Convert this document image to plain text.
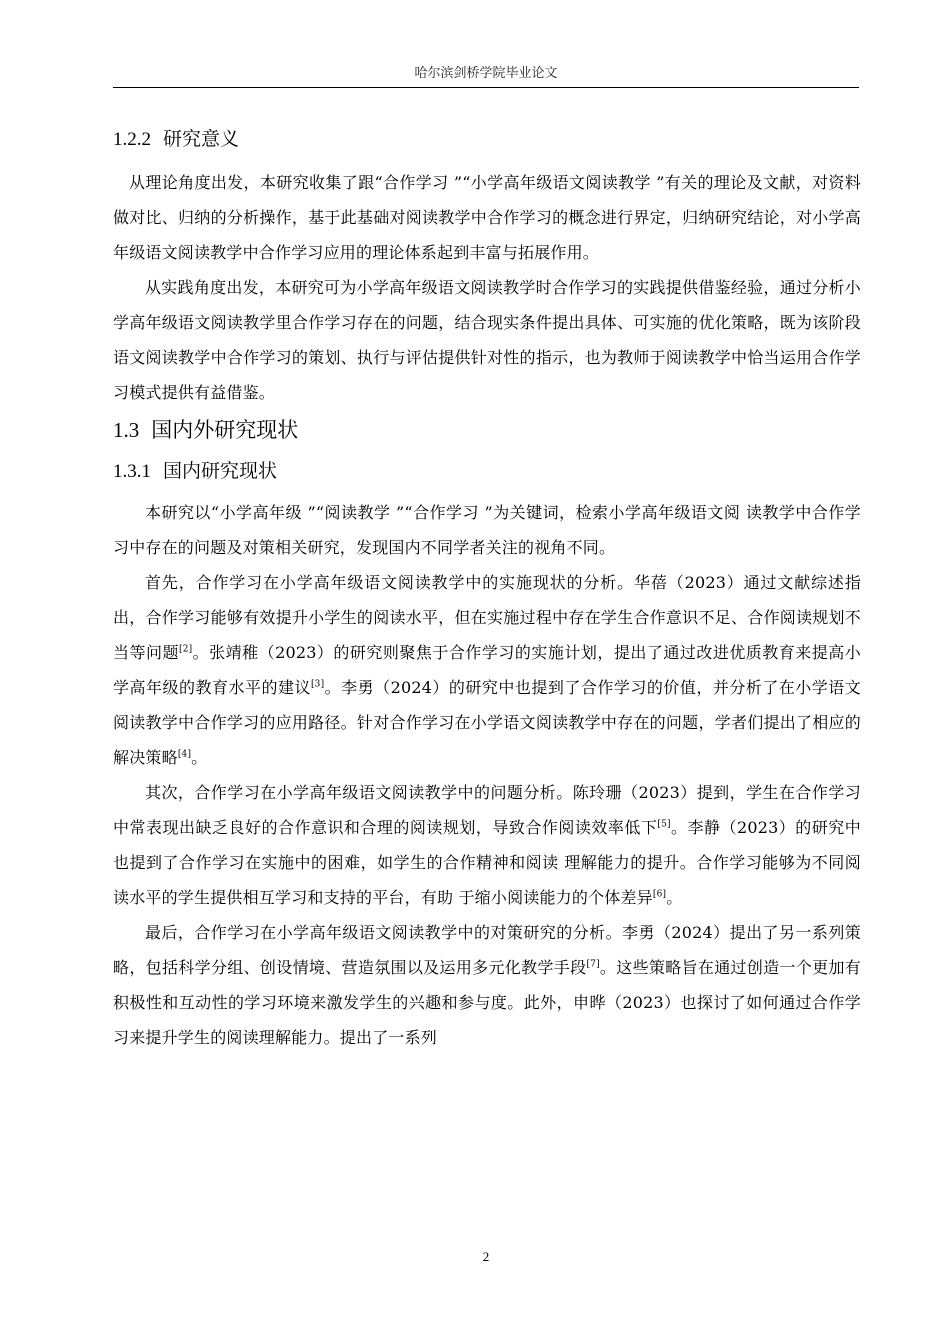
哈尔滨剑桥学院毕业论文
1.2.2 研究意义

从理论角度出发，本研究收集了跟“合作学习 ”“小学高年级语文阅读教学 ”有关的理论及文献，对资料做对比、归纳的分析操作，基于此基础对阅读教学中合作学习的概念进行界定，归纳研究结论，对小学高年级语文阅读教学中合作学习应用的理论体系起到丰富与拓展作用。

从实践角度出发，本研究可为小学高年级语文阅读教学时合作学习的实践提供借鉴经验，通过分析小学高年级语文阅读教学里合作学习存在的问题，结合现实条件提出具体、可实施的优化策略，既为该阶段语文阅读教学中合作学习的策划、执行与评估提供针对性的指示，也为教师于阅读教学中恰当运用合作学习模式提供有益借鉴。

1.3 国内外研究现状
1.3.1 国内研究现状

本研究以“小学高年级 ”“阅读教学 ”“合作学习 ”为关键词，检索小学高年级语文阅 读教学中合作学习中存在的问题及对策相关研究，发现国内不同学者关注的视角不同。

首先，合作学习在小学高年级语文阅读教学中的实施现状的分析。华蓓（2023）通过文献综述指出，合作学习能够有效提升小学生的阅读水平，但在实施过程中存在学生合作意识不足、合作阅读规划不当等问题[2]。张靖稚（2023）的研究则聚焦于合作学习的实施计划，提出了通过改进优质教育来提高小学高年级的教育水平的建议[3]。李勇（2024）的研究中也提到了合作学习的价值，并分析了在小学语文阅读教学中合作学习的应用路径。针对合作学习在小学语文阅读教学中存在的问题，学者们提出了相应的解决策略[4]。

其次，合作学习在小学高年级语文阅读教学中的问题分析。陈玲珊（2023）提到，学生在合作学习中常表现出缺乏良好的合作意识和合理的阅读规划，导致合作阅读效率低下[5]。李静（2023）的研究中也提到了合作学习在实施中的困难，如学生的合作精神和阅读 理解能力的提升。合作学习能够为不同阅读水平的学生提供相互学习和支持的平台，有助 于缩小阅读能力的个体差异[6]。

最后，合作学习在小学高年级语文阅读教学中的对策研究的分析。李勇（2024）提出了另一系列策略，包括科学分组、创设情境、营造氛围以及运用多元化教学手段[7]。这些策略旨在通过创造一个更加有积极性和互动性的学习环境来激发学生的兴趣和参与度。此外，申晔（2023）也探讨了如何通过合作学习来提升学生的阅读理解能力。提出了一系列

2
